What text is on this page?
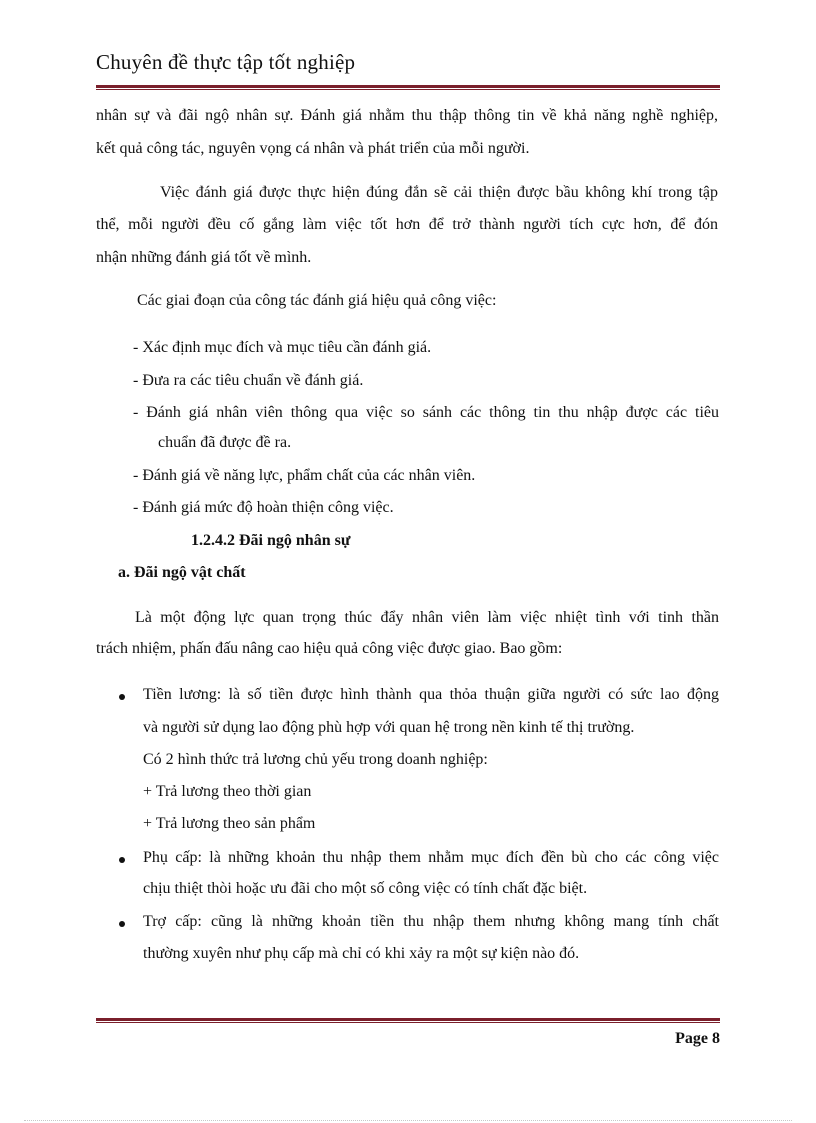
Chuyên đề thực tập tốt nghiệp
nhân sự và đãi ngộ nhân sự. Đánh giá nhằm thu thập thông tin về khả năng nghề nghiệp,
kết quả công tác, nguyên vọng cá nhân và phát triển của mỗi người.
Việc đánh giá được thực hiện đúng đắn sẽ cải thiện được bầu không khí trong tập
thể, mỗi người đều cố gắng làm việc tốt hơn để trở thành người tích cực hơn, để đón
nhận những đánh giá tốt về mình.
Các giai đoạn của công tác đánh giá hiệu quả công việc:
- Xác định mục đích và mục tiêu cần đánh giá.
- Đưa ra các tiêu chuẩn về đánh giá.
- Đánh giá nhân viên thông qua việc so sánh các thông tin thu nhập được các tiêu
chuẩn đã được đề ra.
- Đánh giá về năng lực, phẩm chất của các nhân viên.
- Đánh giá mức độ hoàn thiện công việc.
1.2.4.2 Đãi ngộ nhân sự
a. Đãi ngộ vật chất
Là một động lực quan trọng thúc đẩy nhân viên làm việc nhiệt tình với tinh thần
trách nhiệm, phấn đấu nâng cao hiệu quả công việc được giao. Bao gồm:
Tiền lương: là số tiền được hình thành qua thỏa thuận giữa người có sức lao động
và người sử dụng lao động phù hợp với quan hệ trong nền kinh tế thị trường.
Có 2 hình thức trả lương chủ yếu trong doanh nghiệp:
+ Trả lương theo thời gian
+ Trả lương theo sản phẩm
Phụ cấp: là những khoản thu nhập them nhằm mục đích đền bù cho các công việc
chịu thiệt thòi hoặc ưu đãi cho một số công việc có tính chất đặc biệt.
Trợ cấp: cũng là những khoản tiền thu nhập them nhưng không mang tính chất
thường xuyên như phụ cấp mà chỉ có khi xảy ra một sự kiện nào đó.
Page 8
